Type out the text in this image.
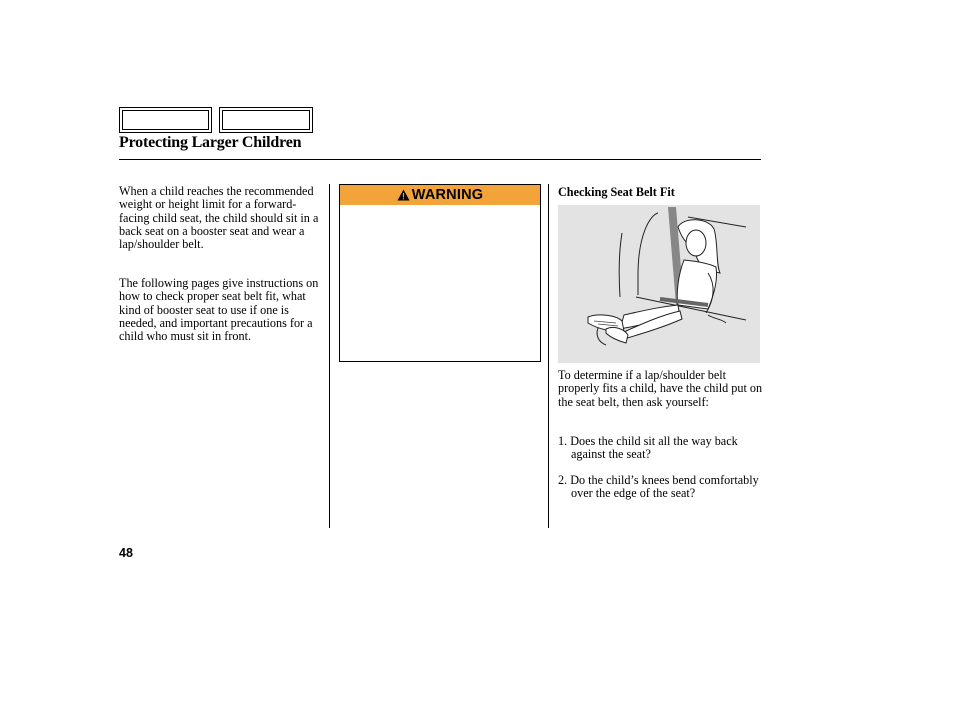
Protecting Larger Children

When a child reaches the recommended weight or height limit for a forward-facing child seat, the child should sit in a back seat on a booster seat and wear a lap/shoulder belt.

The following pages give instructions on how to check proper seat belt fit, what kind of booster seat to use if one is needed, and important precautions for a child who must sit in front.

WARNING	Checking Seat Belt Fit

To determine if a lap/shoulder belt properly fits a child, have the child put on the seat belt, then ask yourself:

1. Does the child sit all the way back against the seat?
2. Do the child’s knees bend comfortably over the edge of the seat?
48
